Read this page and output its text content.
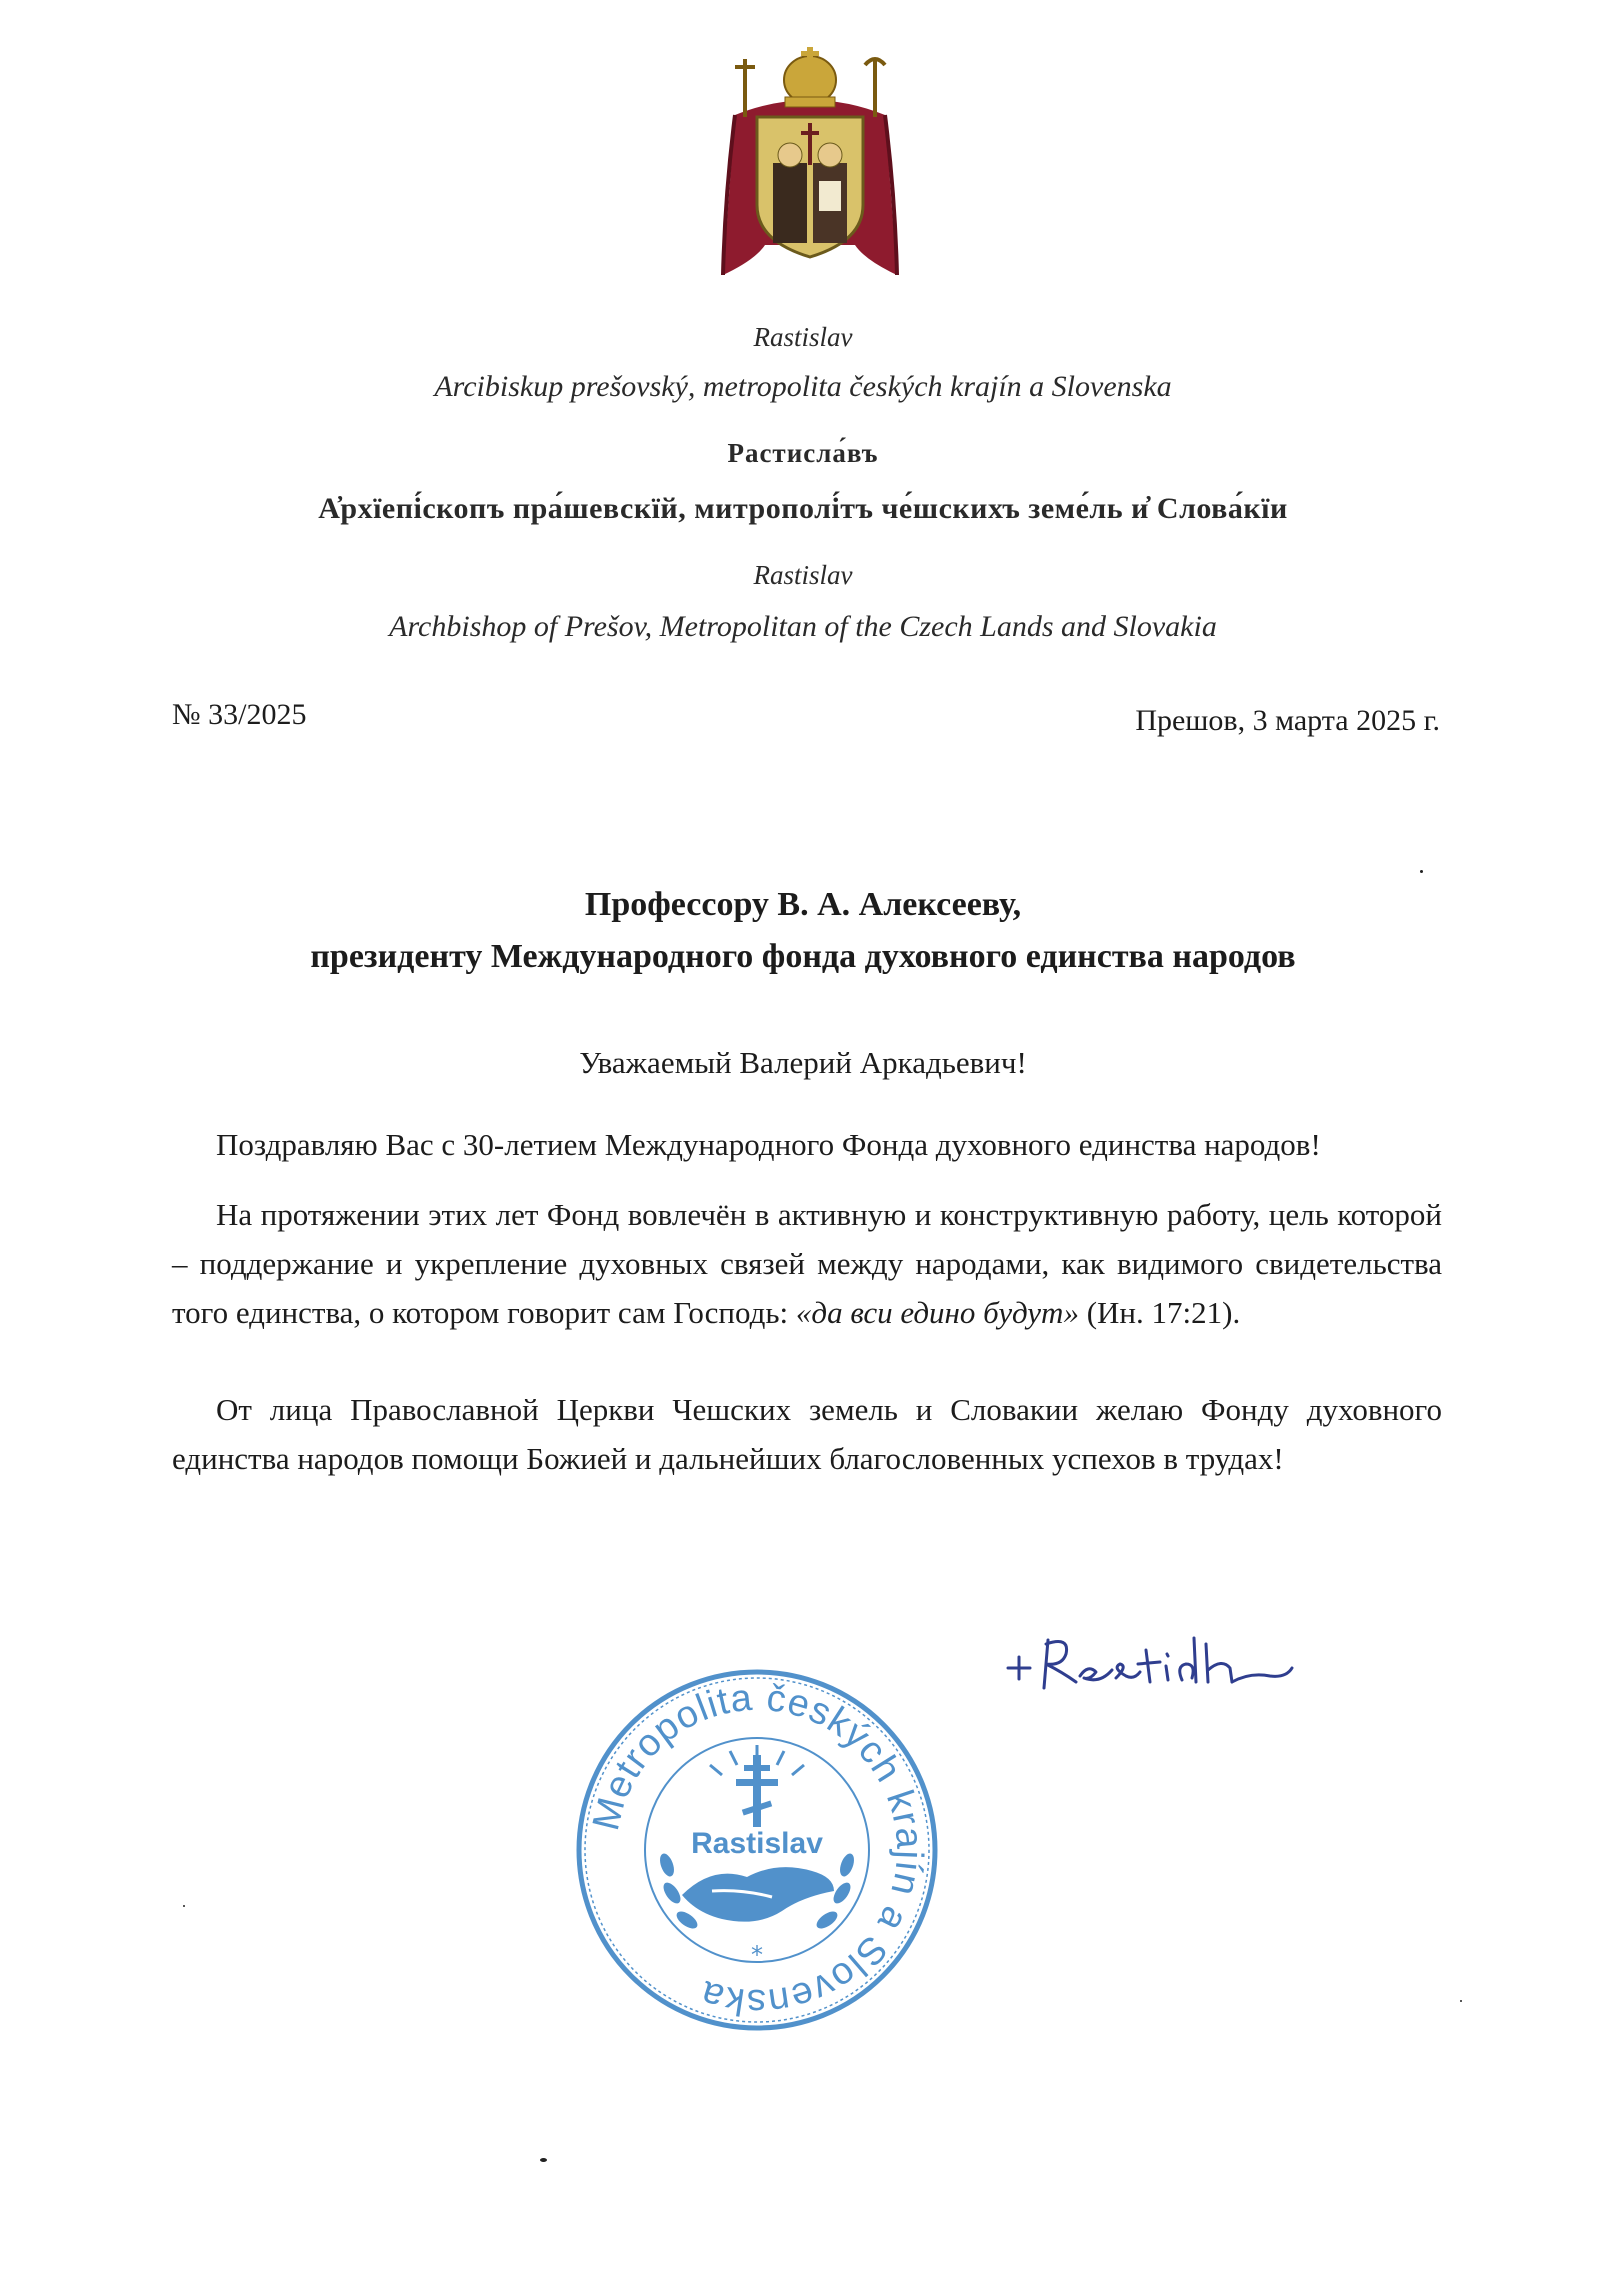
Rastislav
Arcibiskup prešovský, metropolita českých krajín a Slovenska
Растисла́въ
А҆рхїепі́скопъ пра́шевскїй, митрополі́тъ че́шскихъ земе́ль и҆ Слова́кїи
Rastislav
Archbishop of Prešov, Metropolitan of the Czech Lands and Slovakia
№ 33/2025	Прешов, 3 марта 2025 г.
Профессору В. А. Алексееву,
президенту Международного фонда духовного единства народов
Уважаемый Валерий Аркадьевич!
Поздравляю Вас с 30-летием Международного Фонда духовного единства народов!
На протяжении этих лет Фонд вовлечён в активную и конструктивную работу, цель которой – поддержание и укрепление духовных связей между народами, как видимого свидетельства того единства, о котором говорит сам Господь: «да вси едино будут» (Ин. 17:21).
От лица Православной Церкви Чешских земель и Словакии желаю Фонду духовного единства народов помощи Божией и дальнейших благословенных успехов в трудах!
Metropolita českých krajín a Slovenska
Rastislav
*
